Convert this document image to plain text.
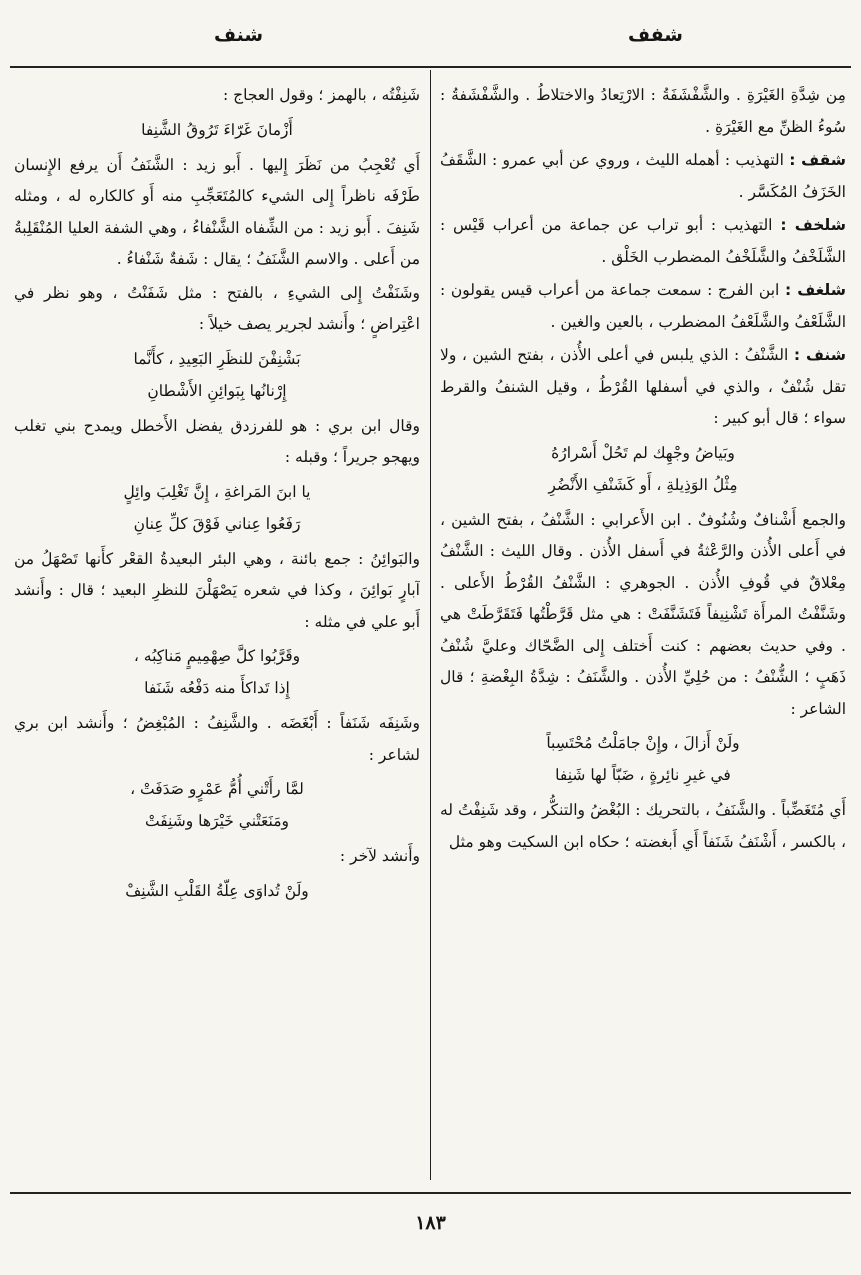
شفف
شنف

مِن شِدَّةِ الغَيْرَةِ . والشَّفْشَفَةُ : الارْتِعادُ والاختلاطُ . والشَّفْشَفةُ : سُوءُ الظنِّ مع الغَيْرَةِ .

شقف : التهذيب : أهمله الليث ، وروي عن أبي عمرو : الشَّقَفُ الخَزَفُ المُكَسَّر .

شلخف : التهذيب : أبو تراب عن جماعة من أعراب قَيْس : الشَّلَخْفُ والشَّلَخْفُ المضطرب الخَلْق .

شلغف : ابن الفرج : سمعت جماعة من أعراب قيس يقولون : الشَّلَعْفُ والشَّلَعْفُ المضطرب ، بالعين والغين .

شنف : الشَّنْفُ : الذي يلبس في أعلى الأُذن ، بفتح الشين ، ولا تقل شُنْفٌ ، والذي في أسفلها القُرْطُ ، وقيل الشنفُ والقرط سواء ؛ قال أبو كبير :

وبَياضُ وجْهِك لم تَحُلْ أَسْرارُهُ
مِثْلُ الوَذِيلةِ ، أَو كَشَنْفِ الأَنْضُرِ

والجمع أَشْنافٌ وشُنُوفٌ . ابن الأَعرابي : الشَّنْفُ ، بفتح الشين ، في أَعلى الأُذن والرَّعْثةُ في أَسفل الأُذن . وقال الليث : الشَّنْفُ مِعْلاقٌ في قُوفِ الأُذن . الجوهري : الشَّنْفُ القُرْطُ الأَعلى . وشَنَّفْتُ المرأَة تَشْنِيفاً فَتَشَنَّفَتْ : هي مثل قَرَّطْتُها فَتَقَرَّطَتْ هي . وفي حديث بعضهم : كنت أَختلف إِلى الضَّحّاك وعليَّ شُنْفُ ذَهَبٍ ؛ الشُّنْفُ : من حُلِيِّ الأُذن . والشَّنَفُ : شِدَّةُ البِغْضةِ ؛ قال الشاعر :

ولَنْ أَزالَ ، وإِنْ جامَلْتُ مُحْتَسِباً
في غيرِ نائِرةٍ ، ضَبّاً لها شَنِفا

أَي مُتَغَضِّباً . والشَّنَفُ ، بالتحريك : البُغْضُ والتنكُّر ، وقد شَنِفْتُ له ، بالكسر ، أَشْنَفُ شَنَفاً أَي أَبغضته ؛ حكاه ابن السكيت وهو مثل

شَنِفْتُه ، بالهمز ؛ وقول العجاج :

أَزْمانَ غَرّاءَ تَرُوقُ الشَّنِفا

أَي تُعْجِبُ من نَظَرَ إِليها . أَبو زيد : الشَّنَفُ أَن يرفع الإِنسان طَرْفَه ناظراً إِلى الشيء كالمُتَعَجِّبِ منه أَو كالكاره له ، ومثله شَنِفَ . أَبو زيد : من الشِّفاه الشَّنْفاءُ ، وهي الشفة العليا المُنْقَلِبةُ من أَعلى . والاسم الشَّنَفُ ؛ يقال : شَفةٌ شَنْفاءُ .

وشَنَفْتُ إِلى الشيءِ ، بالفتح : مثل شَفَنْتُ ، وهو نظر في اعْتِراضٍ ؛ وأَنشد لجرير يصف خيلاً :

بَشْنِفْنَ للنظَرِ البَعِيدِ ، كأَنَّما
إِرْنانُها بِبَوائِنِ الأَشْطانِ

وقال ابن بري : هو للفرزدق يفضل الأَخطل ويمدح بني تغلب ويهجو جريراً ؛ وقبله :

يا ابنَ المَراغةِ ، إِنَّ تَغْلِبَ وائِلٍ
رَفَعُوا عِناني فَوْقَ كلِّ عِنانِ

والبَوائِنُ : جمع بائنة ، وهي البئر البعيدةُ القعْر كأَنها تَصْهَلُ من آبارٍ بَوائِنَ ، وكذا في شعره يَصْهَلْنَ للنظرِ البعيد ؛ قال : وأَنشد أَبو علي في مثله :

وقَرَّبُوا كلَّ صِهْمِيمٍ مَناكِبُه ،
إِذا تَداكأَ منه دَفْعُه شَنَفا

وشَنِفَه شَنَفاً : أَبْغَضَه . والشَّنِفُ : المُبْغِضُ ؛ وأَنشد ابن بري لشاعر :

لمَّا رأَتْني أُمُّ عَمْرٍو صَدَفَتْ ،
ومَنَعَتْني خَيْرَها وشَنِفَتْ

وأَنشد لآخر :

ولَنْ تُداوَى عِلّةُ القَلْبِ الشَّنِفْ
١٨٣
